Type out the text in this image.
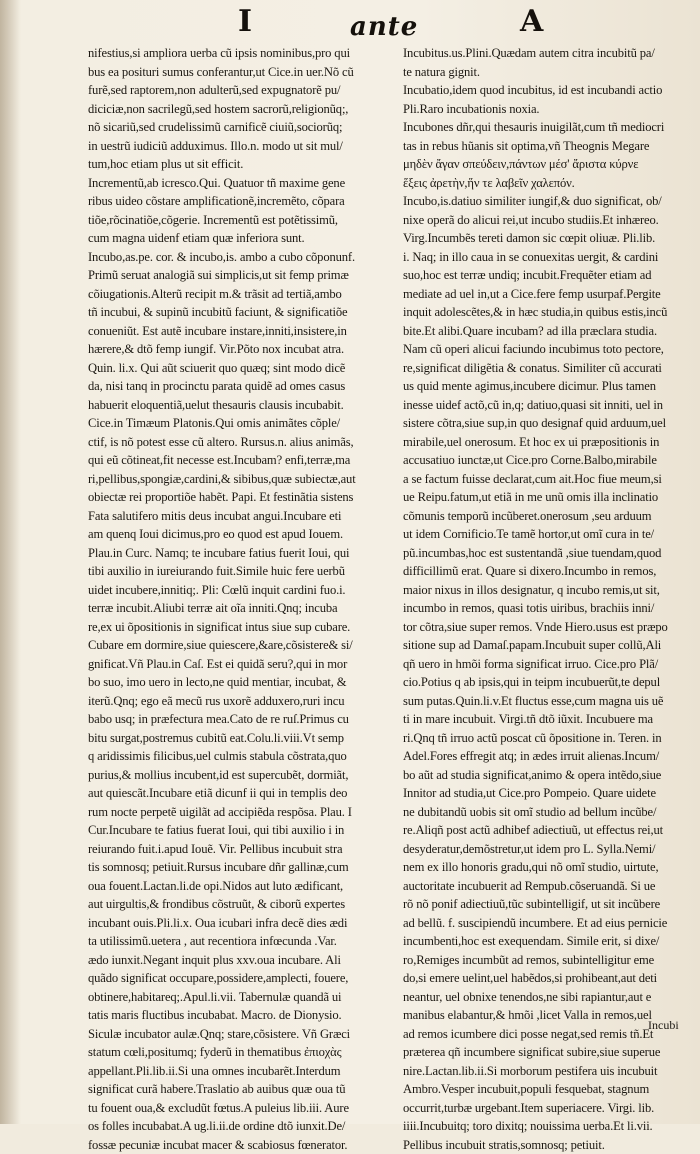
I	ante	A
nifestius,si ampliora uerba cũ ipsis nominibus,pro qui
bus ea posituri sumus conferantur,ut Cice.in uer.Nõ cũ
furẽ,sed raptorem,non adulterũ,sed expugnatorẽ pu/
diciciæ,non sacrilegũ,sed hostem sacrorũ,religionũq;,
nõ sicariũ,sed crudelissimũ carnificẽ ciuiũ,sociorũq;
in uestrũ iudiciũ adduximus. Illo.n. modo ut sit mul/
tum,hoc etiam plus ut sit efficit.
Incrementũ,ab icresco.Qui. Quatuor tñ maxime gene
ribus uideo cõstare amplificationẽ,incremẽto, cõpara
tiõe,rõcinatiõe,cõgerie. Incrementũ est potẽtissimũ,
cum magna uidenf etiam quæ inferiora sunt.
Incubo,as.pe. cor. & incubo,is. ambo a cubo cõponunf.
Primũ seruat analogiã sui simplicis,ut sit femp primæ
cõiugationis.Alterũ recipit m.& trãsit ad tertiã,ambo
tñ incubui, & supinũ incubitũ faciunt, & significatiõe
conueniũt. Est autẽ incubare instare,inniti,insistere,in
hærere,& dtõ femp iungif. Vir.Põto nox incubat atra.
Quin. li.x. Qui aũt sciuerit quo quæq; sint modo dicẽ
da, nisi tanq in procinctu parata quidẽ ad omes casus
habuerit eloquentiã,uelut thesauris clausis incubabit.
Cice.in Timæum Platonis.Qui omis animãtes cõple/
ctif, is nõ potest esse cũ altero. Rursus.n. alius animãs,
qui eũ cõtineat,fit necesse est.Incubam? enfi,terræ,ma
ri,pellibus,spongiæ,cardini,& sibibus,quæ subiectæ,aut
obiectæ rei proportiõe habẽt. Papi. Et festinãtia sistens
Fata salutifero mitis deus incubat angui.Incubare eti
am quenq Ioui dicimus,pro eo quod est apud Iouem.
Plau.in Curc. Namq; te incubare fatius fuerit Ioui, qui
tibi auxilio in iureiurando fuit.Simile huic fere uerbũ
uidet incubere,innitiq;. Pli: Cœlũ inquit cardini fuo.i.
terræ incubit.Aliubi terræ ait oĩa inniti.Qnq; incuba
re,ex ui õpositionis in significat intus siue sup cubare.
Cubare em dormire,siue quiescere,&are,cõsistere& si/
gnificat.Vñ Plau.in Caſ. Est ei quidã seru?,qui in mor
bo suo, imo uero in lecto,ne quid mentiar, incubat, &
iterũ.Qnq; ego eã mecũ rus uxorẽ adduxero,ruri incu
babo usq; in præfectura mea.Cato de re ruſ.Primus cu
bitu surgat,postremus cubitũ eat.Colu.li.viii.Vt semp
q aridissimis filicibus,uel culmis stabula cõstrata,quo
purius,& mollius incubent,id est supercubẽt, dormiãt,
aut quiescãt.Incubare etiã dicunf ii qui in templis deo
rum nocte perpetẽ uigilãt ad accipiẽda respõsa. Plau. I
Cur.Incubare te fatius fuerat Ioui, qui tibi auxilio i in
reiurando fuit.i.apud Iouẽ. Vir. Pellibus incubuit stra
tis somnosq; petiuit.Rursus incubare dñr gallinæ,cum
oua fouent.Lactan.li.de opi.Nidos aut luto ædificant,
aut uirgultis,& frondibus cõstruũt, & ciborũ expertes
incubant ouis.Pli.li.x. Oua icubari infra decẽ dies ædi
ta utilissimũ.uetera , aut recentiora infœcunda .Var.
ædo iunxit.Negant inquit plus xxv.oua incubare. Ali
quãdo significat occupare,possidere,amplecti, fouere,
obtinere,habitareq;.Apul.li.vii. Tabernulæ quandã ui
tatis maris fluctibus incubabat. Macro. de Dionysio.
Siculæ incubator aulæ.Qnq; stare,cõsistere. Vñ Græci
statum cœli,positumq; fyderũ in thematibus ἐπιοχὰς
appellant.Pli.lib.ii.Si una omnes incubarẽt.Interdum
significat curã habere.Traslatio ab auibus quæ oua tũ
tu fouent oua,& excludũt fœtus.A puleius lib.iii. Aure
os folles incubabat.A ug.li.ii.de ordine dtõ iunxit.De/
fossæ pecuniæ incubat macer & scabiosus fœnerator.
Incubitus.us.Plini.Quædam autem citra incubitũ pa/
te natura gignit.
Incubatio,idem quod incubitus, id est incubandi actio
Pli.Raro incubationis noxia.
Incubones dñr,qui thesauris inuigilãt,cum tñ mediocri
tas in rebus hũanis sit optima,vñ Theognis Megare
μηδὲν ἄγαν σπεύδειν,πάντων μέσ' ἄριστα κύρνε
ἕξεις ἀρετὴν,ἥν τε λαβεῖν χαλεπόν.
Incubo,is.datiuo similiter iungif,& duo significat, ob/
nixe operã do alicui rei,ut incubo studiis.Et inhæreo.
Virg.Incumbẽs tereti damon sic cœpit oliuæ. Pli.lib.
i. Naq; in illo caua in se conuexitas uergit, & cardini
suo,hoc est terræ undiq; incubit.Frequẽter etiam ad
mediate ad uel in,ut a Cice.fere femp usurpaf.Pergite
inquit adolescẽtes,& in hæc studia,in quibus estis,incũ
bite.Et alibi.Quare incubam? ad illa præclara studia.
Nam cũ operi alicui faciundo incubimus toto pectore,
re,significat diligẽtia & conatus. Similiter cũ accurati
us quid mente agimus,incubere dicimur. Plus tamen
inesse uidef actõ,cũ in,q; datiuo,quasi sit inniti, uel in
sistere cõtra,siue sup,in quo designaf quid arduum,uel
mirabile,uel onerosum. Et hoc ex ui præpositionis in
accusatiuo iunctæ,ut Cice.pro Corne.Balbo,mirabile
a se factum fuisse declarat,cum ait.Hoc fiue meum,si
ue Reipu.fatum,ut etiã in me unũ omis illa inclinatio
cõmunis temporũ incũberet.onerosum ,seu arduum
ut idem Cornificio.Te tamẽ hortor,ut omĩ cura in te/
pũ.incumbas,hoc est sustentandã ,siue tuendam,quod
difficillimũ erat. Quare si dixero.Incumbo in remos,
maior nixus in illos designatur, q incubo remis,ut sit,
incumbo in remos, quasi totis uiribus, brachiis inni/
tor cõtra,siue super remos. Vnde Hiero.usus est præpo
sitione sup ad Damaſ.papam.Incubuit super collũ,Ali
qñ uero in hmõi forma significat irruo. Cice.pro Plã/
cio.Potius q ab ipsis,qui in teipm incubuerũt,te depul
sum putas.Quin.li.v.Et fluctus esse,cum magna uis uẽ
ti in mare incubuit. Virgi.tñ dtõ iũxit. Incubuere ma
ri.Qnq tñ irruo actũ poscat cũ õpositione in. Teren. in
Adel.Fores effregit atq; in ædes irruit alienas.Incum/
bo aũt ad studia significat,animo & opera intẽdo,siue
Innitor ad studia,ut Cice.pro Pompeio. Quare uidete
ne dubitandũ uobis sit omĩ studio ad bellum incũbe/
re.Aliqñ post actũ adhibef adiectiuũ, ut effectus rei,ut
desyderatur,demõstretur,ut idem pro L. Sylla.Nemi/
nem ex illo honoris gradu,qui nõ omĩ studio, uirtute,
auctoritate incubuerit ad Rempub.cõseruandã. Si ue
rõ nõ ponif adiectiuũ,tũc subintelligif, ut sit incũbere
ad bellũ. f. suscipiendũ incumbere. Et ad eius pernicie
incumbenti,hoc est exequendam. Simile erit, si dixe/
ro,Remiges incumbũt ad remos, subintelligitur eme
do,si emere uelint,uel habẽdos,si prohibeant,aut deti
neantur, uel obnixe tenendos,ne sibi rapiantur,aut e
manibus elabantur,& hmõi ,licet Valla in remos,uel
ad remos icumbere dici posse negat,sed remis tñ.Et
præterea qñ incumbere significat subire,siue superue
nire.Lactan.lib.ii.Si morborum pestifera uis incubuit
Ambro.Vesper incubuit,populi fesquebat, stagnum
occurrit,turbæ urgebant.Item superiacere. Virgi. lib.
iiii.Incubuitq; toro dixitq; nouissima uerba.Et li.vii.
Pellibus incubuit stratis,somnosq; petiuit.
Incubi
